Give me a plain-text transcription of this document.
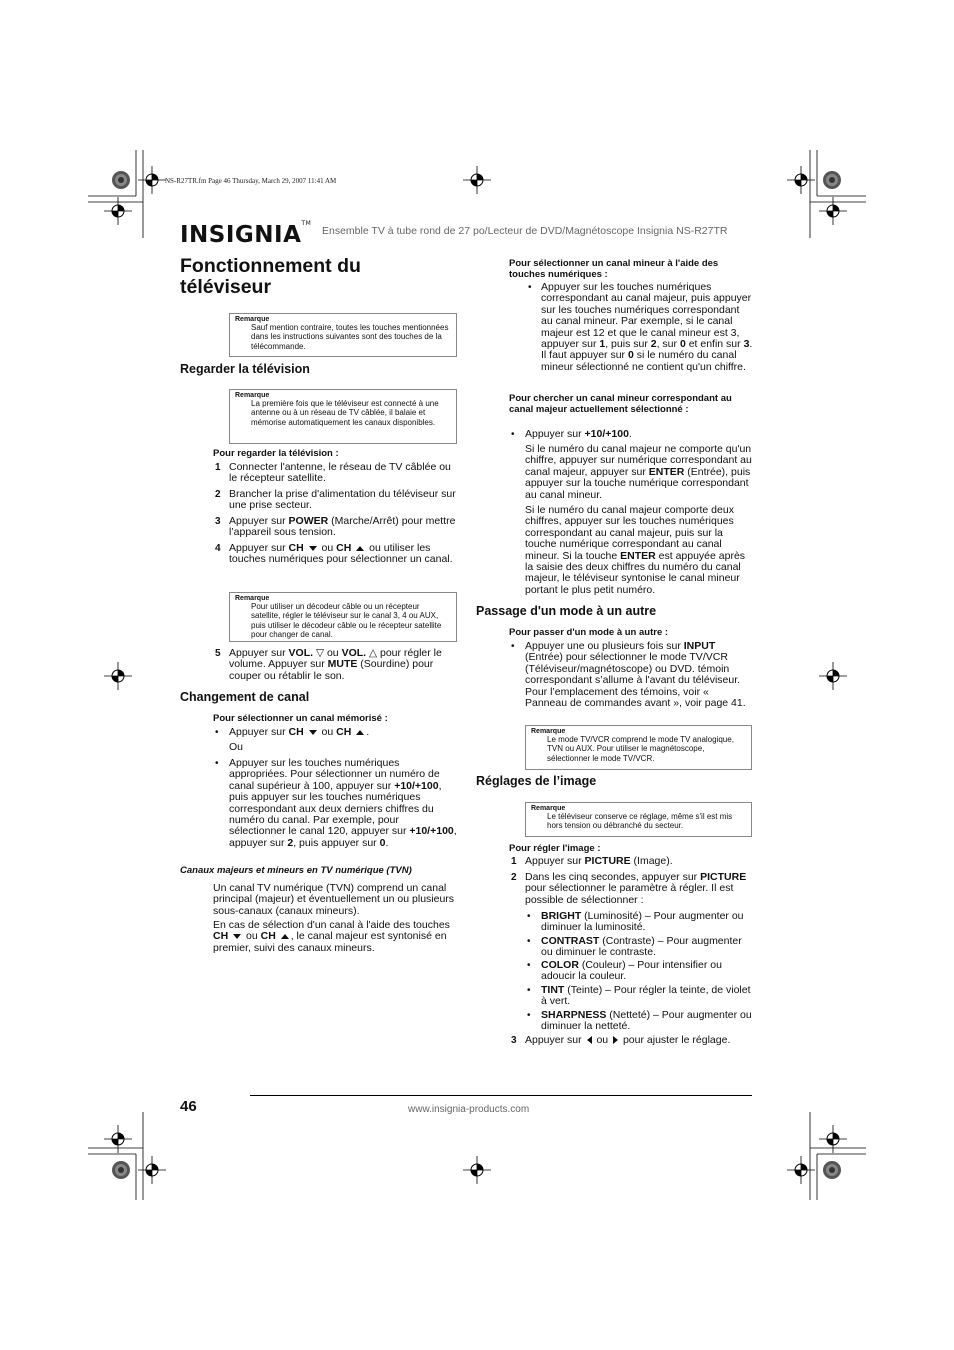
NS-R27TR.fm Page 46 Thursday, March 29, 2007 11:41 AM
INSIGNIA™
Ensemble TV à tube rond de 27 po/Lecteur de DVD/Magnétoscope Insignia NS-R27TR
Fonctionnement du téléviseur
Remarque
Sauf mention contraire, toutes les touches mentionnées dans les instructions suivantes sont des touches de la télécommande.
Regarder la télévision
Remarque
La première fois que le téléviseur est connecté à une antenne ou à un réseau de TV câblée, il balaie et mémorise automatiquement les canaux disponibles.
Pour regarder la télévision :
1 Connecter l'antenne, le réseau de TV câblée ou le récepteur satellite.
2 Brancher la prise d'alimentation du téléviseur sur une prise secteur.
3 Appuyer sur POWER (Marche/Arrêt) pour mettre l’appareil sous tension.
4 Appuyer sur CH  ou CH  ou utiliser les touches numériques pour sélectionner un canal.
Remarque
Pour utiliser un décodeur câble ou un récepteur satellite, régler le téléviseur sur le canal 3, 4 ou AUX, puis utiliser le décodeur câble ou le récepteur satellite pour changer de canal.
5 Appuyer sur VOL. ▽ ou VOL. △ pour régler le volume. Appuyer sur MUTE (Sourdine) pour couper ou rétablir le son.
Changement de canal
Pour sélectionner un canal mémorisé :
• Appuyer sur CH  ou CH .
Ou
• Appuyer sur les touches numériques appropriées. Pour sélectionner un numéro de canal supérieur à 100, appuyer sur +10/+100, puis appuyer sur les touches numériques correspondant aux deux derniers chiffres du numéro du canal. Par exemple, pour sélectionner le canal 120, appuyer sur +10/+100, appuyer sur 2, puis appuyer sur 0.
Canaux majeurs et mineurs en TV numérique (TVN)
Un canal TV numérique (TVN) comprend un canal principal (majeur) et éventuellement un ou plusieurs sous-canaux (canaux mineurs).
En cas de sélection d'un canal à l'aide des touches CH  ou CH , le canal majeur est syntonisé en premier, suivi des canaux mineurs.
Pour sélectionner un canal mineur à l'aide des touches numériques :
• Appuyer sur les touches numériques correspondant au canal majeur, puis appuyer sur les touches numériques correspondant au canal mineur. Par exemple, si le canal majeur est 12 et que le canal mineur est 3, appuyer sur 1, puis sur 2, sur 0 et enfin sur 3. Il faut appuyer sur 0 si le numéro du canal mineur sélectionné ne contient qu'un chiffre.
Pour chercher un canal mineur correspondant au canal majeur actuellement sélectionné :
• Appuyer sur +10/+100.
Si le numéro du canal majeur ne comporte qu'un chiffre, appuyer sur numérique correspondant au canal majeur, appuyer sur ENTER (Entrée), puis appuyer sur la touche numérique correspondant au canal mineur.
Si le numéro du canal majeur comporte deux chiffres, appuyer sur les touches numériques correspondant au canal majeur, puis sur la touche numérique correspondant au canal mineur. Si la touche ENTER est appuyée après la saisie des deux chiffres du numéro du canal majeur, le téléviseur syntonise le canal mineur portant le plus petit numéro.
Passage d'un mode à un autre
Pour passer d'un mode à un autre :
• Appuyer une ou plusieurs fois sur INPUT (Entrée) pour sélectionner le mode TV/VCR (Téléviseur/magnétoscope) ou DVD. témoin correspondant s’allume à l'avant du téléviseur. Pour l’emplacement des témoins, voir « Panneau de commandes avant », voir page 41.
Remarque
Le mode TV/VCR comprend le mode TV analogique, TVN ou AUX. Pour utiliser le magnétoscope, sélectionner le mode TV/VCR.
Réglages de l’image
Remarque
Le téléviseur conserve ce réglage, même s'il est mis hors tension ou débranché du secteur.
Pour régler l'image :
1 Appuyer sur PICTURE (Image).
2 Dans les cinq secondes, appuyer sur PICTURE pour sélectionner le paramètre à régler. Il est possible de sélectionner :
• BRIGHT (Luminosité) – Pour augmenter ou diminuer la luminosité.
• CONTRAST (Contraste) – Pour augmenter ou diminuer le contraste.
• COLOR (Couleur) – Pour intensifier ou adoucir la couleur.
• TINT (Teinte) – Pour régler la teinte, de violet à vert.
• SHARPNESS (Netteté) – Pour augmenter ou diminuer la netteté.
3 Appuyer sur  ou  pour ajuster le réglage.
46	www.insignia-products.com
